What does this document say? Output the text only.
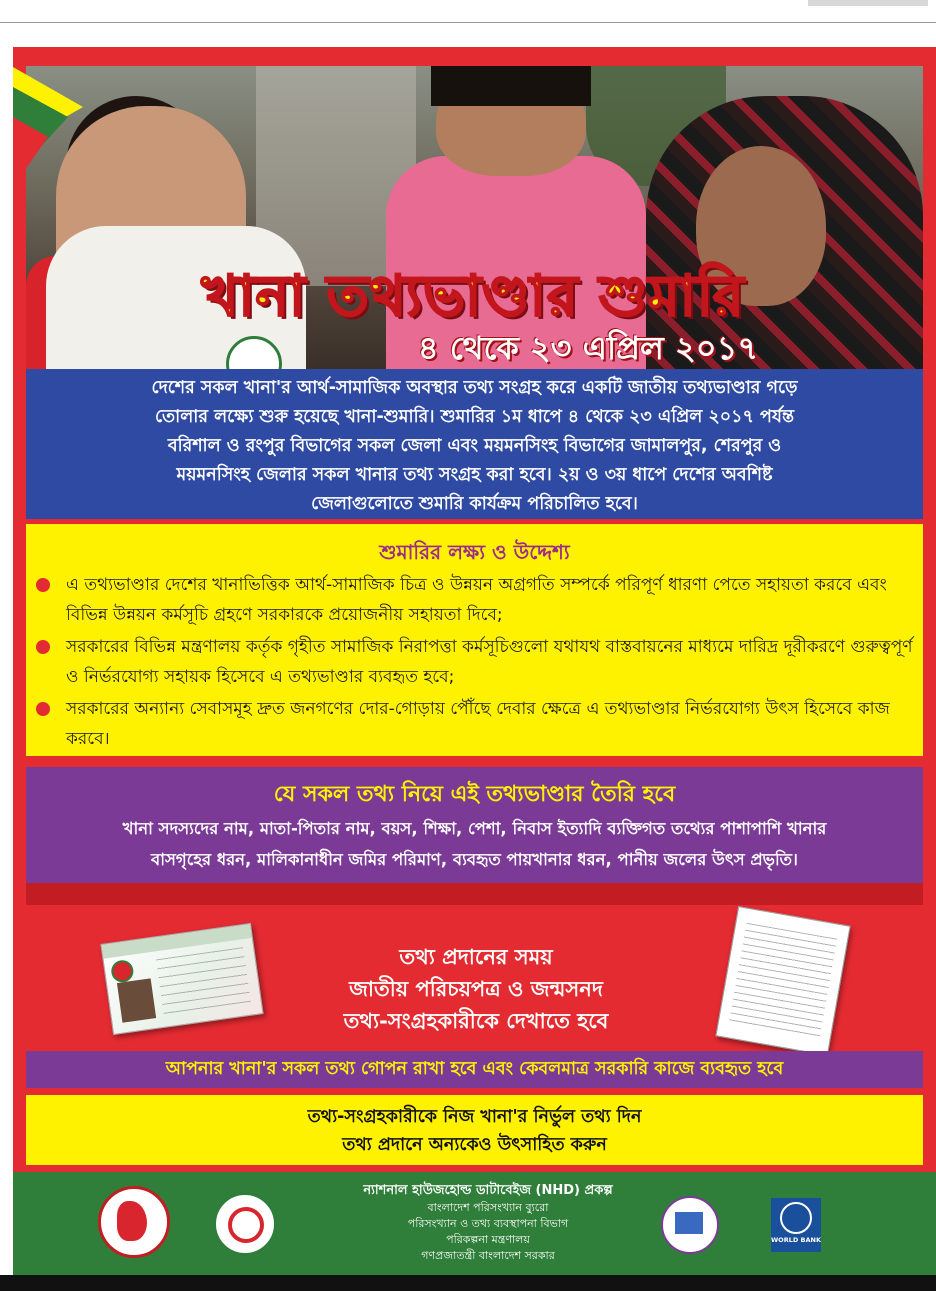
খানা তথ্যভাণ্ডার শুমারি
৪ থেকে ২৩ এপ্রিল ২০১৭
দেশের সকল খানা'র আর্থ-সামাজিক অবস্থার তথ্য সংগ্রহ করে একটি জাতীয় তথ্যভাণ্ডার গড়ে
তোলার লক্ষ্যে শুরু হয়েছে খানা-শুমারি। শুমারির ১ম ধাপে ৪ থেকে ২৩ এপ্রিল ২০১৭ পর্যন্ত
বরিশাল ও রংপুর বিভাগের সকল জেলা এবং ময়মনসিংহ বিভাগের জামালপুর, শেরপুর ও
ময়মনসিংহ জেলার সকল খানার তথ্য সংগ্রহ করা হবে। ২য় ও ৩য় ধাপে দেশের অবশিষ্ট
জেলাগুলোতে শুমারি কার্যক্রম পরিচালিত হবে।
শুমারির লক্ষ্য ও উদ্দেশ্য
এ তথ্যভাণ্ডার দেশের খানাভিত্তিক আর্থ-সামাজিক চিত্র ও উন্নয়ন অগ্রগতি সম্পর্কে পরিপূর্ণ ধারণা পেতে সহায়তা করবে এবং বিভিন্ন উন্নয়ন কর্মসূচি গ্রহণে সরকারকে প্রয়োজনীয় সহায়তা দিবে;
সরকারের বিভিন্ন মন্ত্রণালয় কর্তৃক গৃহীত সামাজিক নিরাপত্তা কর্মসূচিগুলো যথাযথ বাস্তবায়নের মাধ্যমে দারিদ্র দূরীকরণে গুরুত্বপূর্ণ ও নির্ভরযোগ্য সহায়ক হিসেবে এ তথ্যভাণ্ডার ব্যবহৃত হবে;
সরকারের অন্যান্য সেবাসমূহ দ্রুত জনগণের দোর-গোড়ায় পৌঁছে দেবার ক্ষেত্রে এ তথ্যভাণ্ডার নির্ভরযোগ্য উৎস হিসেবে কাজ করবে।
যে সকল তথ্য নিয়ে এই তথ্যভাণ্ডার তৈরি হবে
খানা সদস্যদের নাম, মাতা-পিতার নাম, বয়স, শিক্ষা, পেশা, নিবাস ইত্যাদি ব্যক্তিগত তথ্যের পাশাপাশি খানার
বাসগৃহের ধরন, মালিকানাধীন জমির পরিমাণ, ব্যবহৃত পায়খানার ধরন, পানীয় জলের উৎস প্রভৃতি।
তথ্য প্রদানের সময়
জাতীয় পরিচয়পত্র ও জন্মসনদ
তথ্য-সংগ্রহকারীকে দেখাতে হবে
আপনার খানা'র সকল তথ্য গোপন রাখা হবে এবং কেবলমাত্র সরকারি কাজে ব্যবহৃত হবে
তথ্য-সংগ্রহকারীকে নিজ খানা'র নির্ভুল তথ্য দিন
তথ্য প্রদানে অন্যকেও উৎসাহিত করুন
ন্যাশনাল হাউজহোল্ড ডাটাবেইজ (NHD) প্রকল্প
বাংলাদেশ পরিসংখ্যান ব্যুরো
পরিসংখ্যান ও তথ্য ব্যবস্থাপনা বিভাগ
পরিকল্পনা মন্ত্রণালয়
গণপ্রজাতন্ত্রী বাংলাদেশ সরকার
WORLD BANK
